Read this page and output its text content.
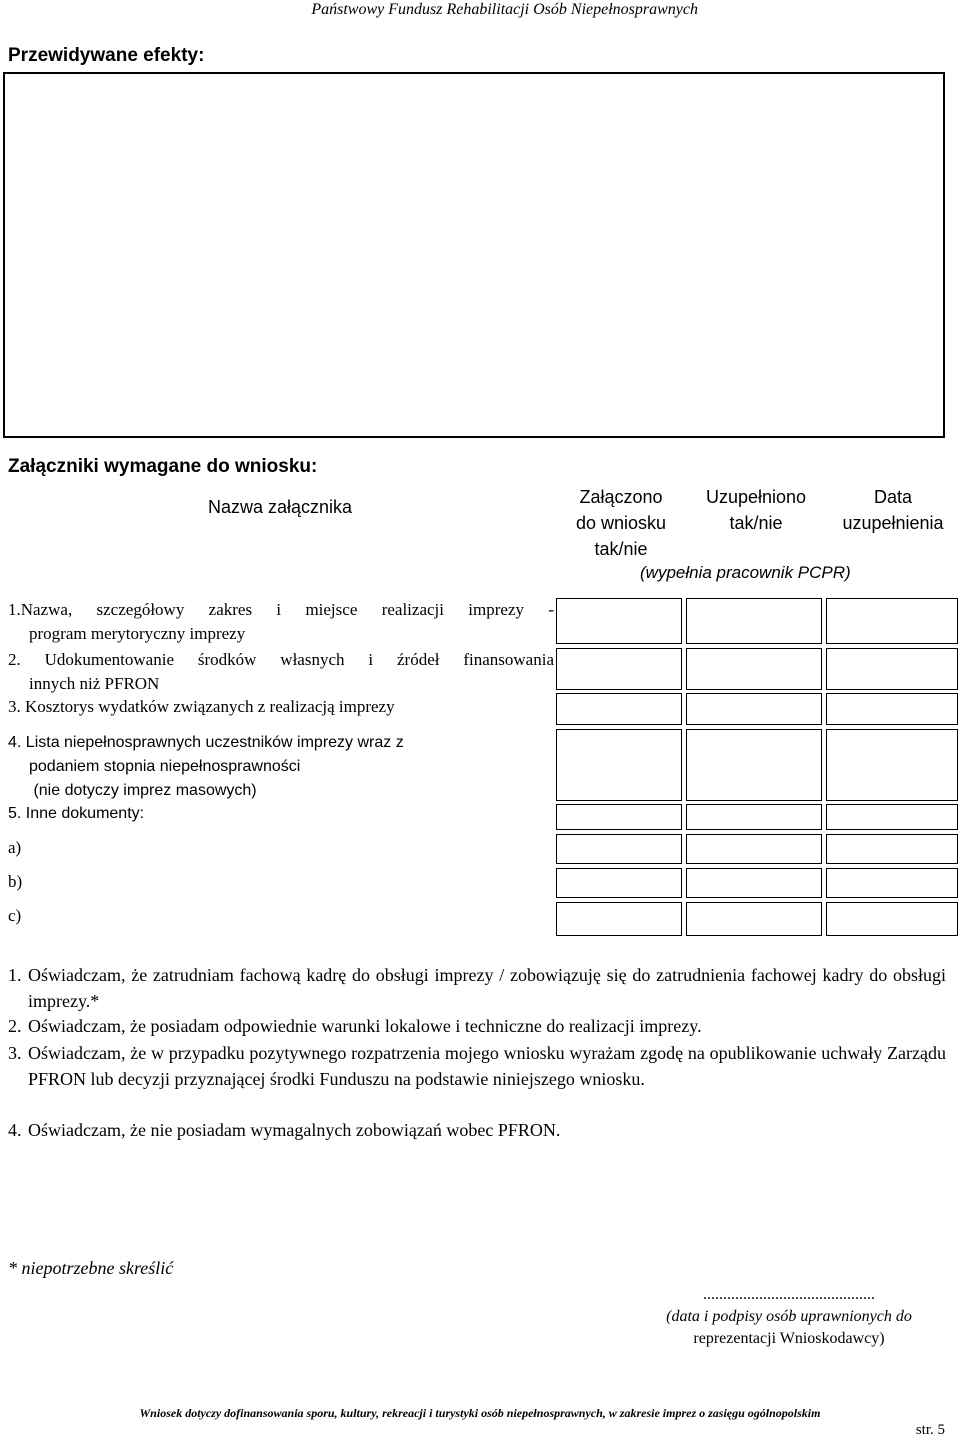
Państwowy Fundusz Rehabilitacji Osób Niepełnosprawnych
Przewidywane efekty:
Załączniki wymagane do wniosku:
Nazwa załącznika	Załączono
do wniosku
tak/nie
Uzupełniono
tak/nie
Data
uzupełnienia
(wypełnia pracownik PCPR)
1.Nazwa, szczegółowy zakres i miejsce realizacji imprezy -
program merytoryczny imprezy
2. Udokumentowanie środków własnych i źródeł finansowania
innych niż PFRON
3. Kosztorys wydatków związanych z realizacją imprezy
4. Lista niepełnosprawnych uczestników imprezy wraz z
podaniem stopnia niepełnosprawności
(nie dotyczy imprez masowych)
5. Inne dokumenty:
a)
b)
c)
1. Oświadczam, że zatrudniam fachową kadrę do obsługi imprezy / zobowiązuję się do zatrudnienia fachowej kadry do obsługi imprezy.*
2. Oświadczam, że posiadam odpowiednie warunki lokalowe i techniczne do realizacji imprezy.
3. Oświadczam, że w przypadku pozytywnego rozpatrzenia mojego wniosku wyrażam zgodę na opublikowanie uchwały Zarządu PFRON lub decyzji przyznającej środki Funduszu na podstawie niniejszego wniosku.
4. Oświadczam, że nie posiadam wymagalnych zobowiązań wobec PFRON.
* niepotrzebne skreślić
...........................................
(data i podpisy osób uprawnionych do
reprezentacji Wnioskodawcy)
Wniosek dotyczy dofinansowania sporu, kultury, rekreacji i turystyki osób niepełnosprawnych, w zakresie imprez o zasięgu ogólnopolskim
str. 5
